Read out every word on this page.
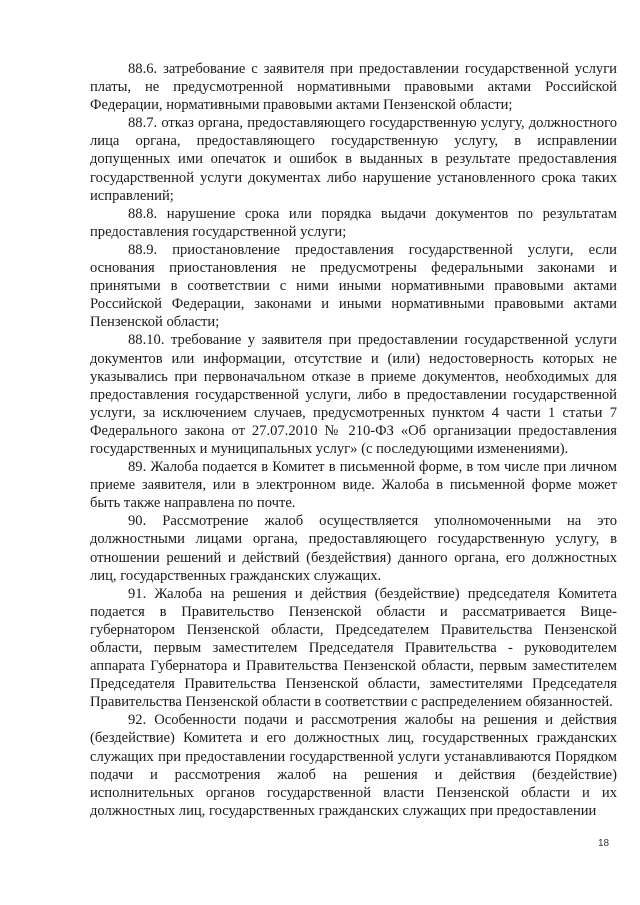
88.6. затребование с заявителя при предоставлении государственной услуги платы, не предусмотренной нормативными правовыми актами Российской Федерации, нормативными правовыми актами Пензенской области;

88.7. отказ органа, предоставляющего государственную услугу, должностного лица органа, предоставляющего государственную услугу, в исправлении допущенных ими опечаток и ошибок в выданных в результате предоставления государственной услуги документах либо нарушение установленного срока таких исправлений;

88.8. нарушение срока или порядка выдачи документов по результатам предоставления государственной услуги;

88.9. приостановление предоставления государственной услуги, если основания приостановления не предусмотрены федеральными законами и принятыми в соответствии с ними иными нормативными правовыми актами Российской Федерации, законами и иными нормативными правовыми актами Пензенской области;

88.10. требование у заявителя при предоставлении государственной услуги документов или информации, отсутствие и (или) недостоверность которых не указывались при первоначальном отказе в приеме документов, необходимых для предоставления государственной услуги, либо в предоставлении государственной услуги, за исключением случаев, предусмотренных пунктом 4 части 1 статьи 7 Федерального закона от 27.07.2010 № 210-ФЗ «Об организации предоставления государственных и муниципальных услуг» (с последующими изменениями).

89. Жалоба подается в Комитет в письменной форме, в том числе при личном приеме заявителя, или в электронном виде. Жалоба в письменной форме может быть также направлена по почте.

90. Рассмотрение жалоб осуществляется уполномоченными на это должностными лицами органа, предоставляющего государственную услугу, в отношении решений и действий (бездействия) данного органа, его должностных лиц, государственных гражданских служащих.

91. Жалоба на решения и действия (бездействие) председателя Комитета подается в Правительство Пензенской области и рассматривается Вице-губернатором Пензенской области, Председателем Правительства Пензенской области, первым заместителем Председателя Правительства - руководителем аппарата Губернатора и Правительства Пензенской области, первым заместителем Председателя Правительства Пензенской области, заместителями Председателя Правительства Пензенской области в соответствии с распределением обязанностей.

92. Особенности подачи и рассмотрения жалобы на решения и действия (бездействие) Комитета и его должностных лиц, государственных гражданских служащих при предоставлении государственной услуги устанавливаются Порядком подачи и рассмотрения жалоб на решения и действия (бездействие) исполнительных органов государственной власти Пензенской области и их должностных лиц, государственных гражданских служащих при предоставлении

18
